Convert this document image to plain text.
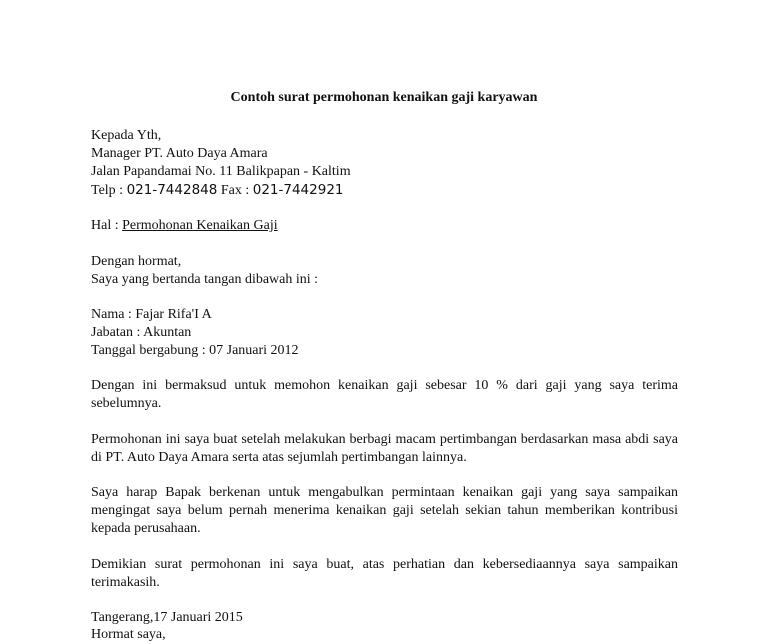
Contoh surat permohonan kenaikan gaji karyawan
Kepada Yth,
Manager PT. Auto Daya Amara
Jalan Papandamai No. 11 Balikpapan - Kaltim
Telp : 021-7442848 Fax : 021-7442921
Hal : Permohonan Kenaikan Gaji
Dengan hormat,
Saya yang bertanda tangan dibawah ini :
Nama : Fajar Rifa'I A
Jabatan : Akuntan
Tanggal bergabung : 07 Januari 2012
Dengan ini bermaksud untuk memohon kenaikan gaji sebesar 10 % dari gaji yang saya terima sebelumnya.
Permohonan ini saya buat setelah melakukan berbagi macam pertimbangan berdasarkan masa abdi saya di PT. Auto Daya Amara serta atas sejumlah pertimbangan lainnya.
Saya harap Bapak berkenan untuk mengabulkan permintaan kenaikan gaji yang saya sampaikan mengingat saya belum pernah menerima kenaikan gaji setelah sekian tahun memberikan kontribusi kepada perusahaan.
Demikian surat permohonan ini saya buat, atas perhatian dan kebersediaannya saya sampaikan terimakasih.
Tangerang,17 Januari 2015
Hormat saya,
